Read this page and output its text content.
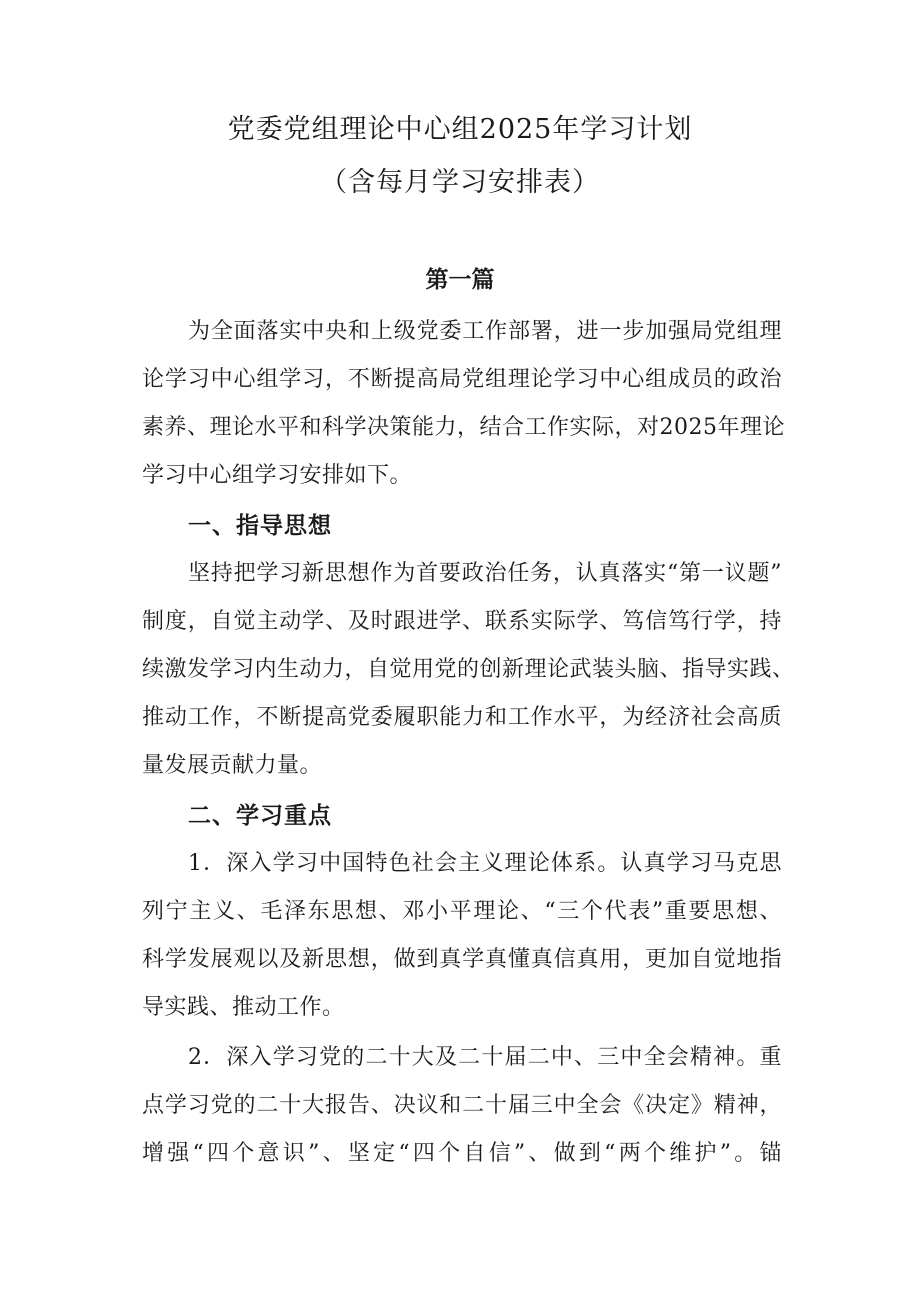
党委党组理论中心组2025年学习计划
（含每月学习安排表）
第一篇
为全面落实中央和上级党委工作部署，进一步加强局党组理
论学习中心组学习，不断提高局党组理论学习中心组成员的政治
素养、理论水平和科学决策能力，结合工作实际，对2025年理论
学习中心组学习安排如下。
一、指导思想
坚持把学习新思想作为首要政治任务，认真落实“第一议题”
制度，自觉主动学、及时跟进学、联系实际学、笃信笃行学，持
续激发学习内生动力，自觉用党的创新理论武装头脑、指导实践、
推动工作，不断提高党委履职能力和工作水平，为经济社会高质
量发展贡献力量。
二、学习重点
1．深入学习中国特色社会主义理论体系。认真学习马克思
列宁主义、毛泽东思想、邓小平理论、“三个代表”重要思想、
科学发展观以及新思想，做到真学真懂真信真用，更加自觉地指
导实践、推动工作。
2．深入学习党的二十大及二十届二中、三中全会精神。重
点学习党的二十大报告、决议和二十届三中全会《决定》精神，
增强“四个意识”、坚定“四个自信”、做到“两个维护”。锚
